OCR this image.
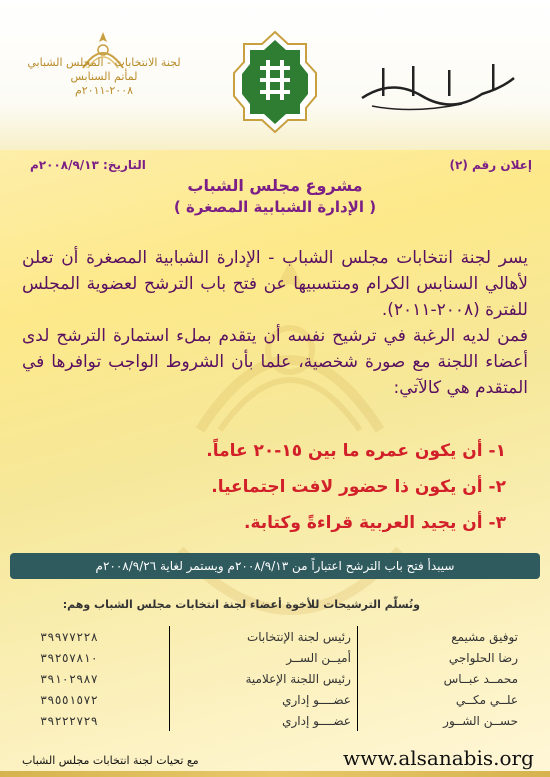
لجنة الانتخابات - المجلس الشبابي لمأتم السنابس
٢٠٠٨-٢٠١١م
إعلان رقم (٢)
التاريخ: ٢٠٠٨/٩/١٣م
مشروع مجلس الشباب
( الإدارة الشبابية المصغرة )

يسر لجنة انتخابات مجلس الشباب - الإدارة الشبابية المصغرة أن تعلن لأهالي السنابس الكرام ومنتسبيها عن فتح باب الترشح لعضوية المجلس للفترة (٢٠٠٨-٢٠١١).

فمن لديه الرغبة في ترشيح نفسه أن يتقدم بملء استمارة الترشح لدى أعضاء اللجنة مع صورة شخصية، علما بأن الشروط الواجب توافرها في المتقدم هي كالآتي:

١- أن يكون عمره ما بين ١٥-٢٠ عاماً.
٢- أن يكون ذا حضور لافت اجتماعيا.
٣- أن يجيد العربية قراءةً وكتابة.
سيبدأ فتح باب الترشح اعتباراً من ٢٠٠٨/٩/١٣م ويستمر لغاية ٢٠٠٨/٩/٢٦م
وتُسلّم الترشيحات للأخوة أعضاء لجنة انتخابات مجلس الشباب وهم:
توفيق مشيمع	رئيس لجنة الإنتخابات	٣٩٩٧٧٢٢٨
رضا الحلواجي	أميــن الســر	٣٩٢٥٧٨١٠
محمــد عبــاس	رئيس اللجنة الإعلامية	٣٩١٠٢٩٨٧
علــي مكــي	عضــــو إداري	٣٩٥٥١٥٧٢
حســن الشــور	عضــــو إداري	٣٩٢٢٢٧٢٩
www.alsanabis.org
مع تحيات لجنة انتخابات مجلس الشباب
